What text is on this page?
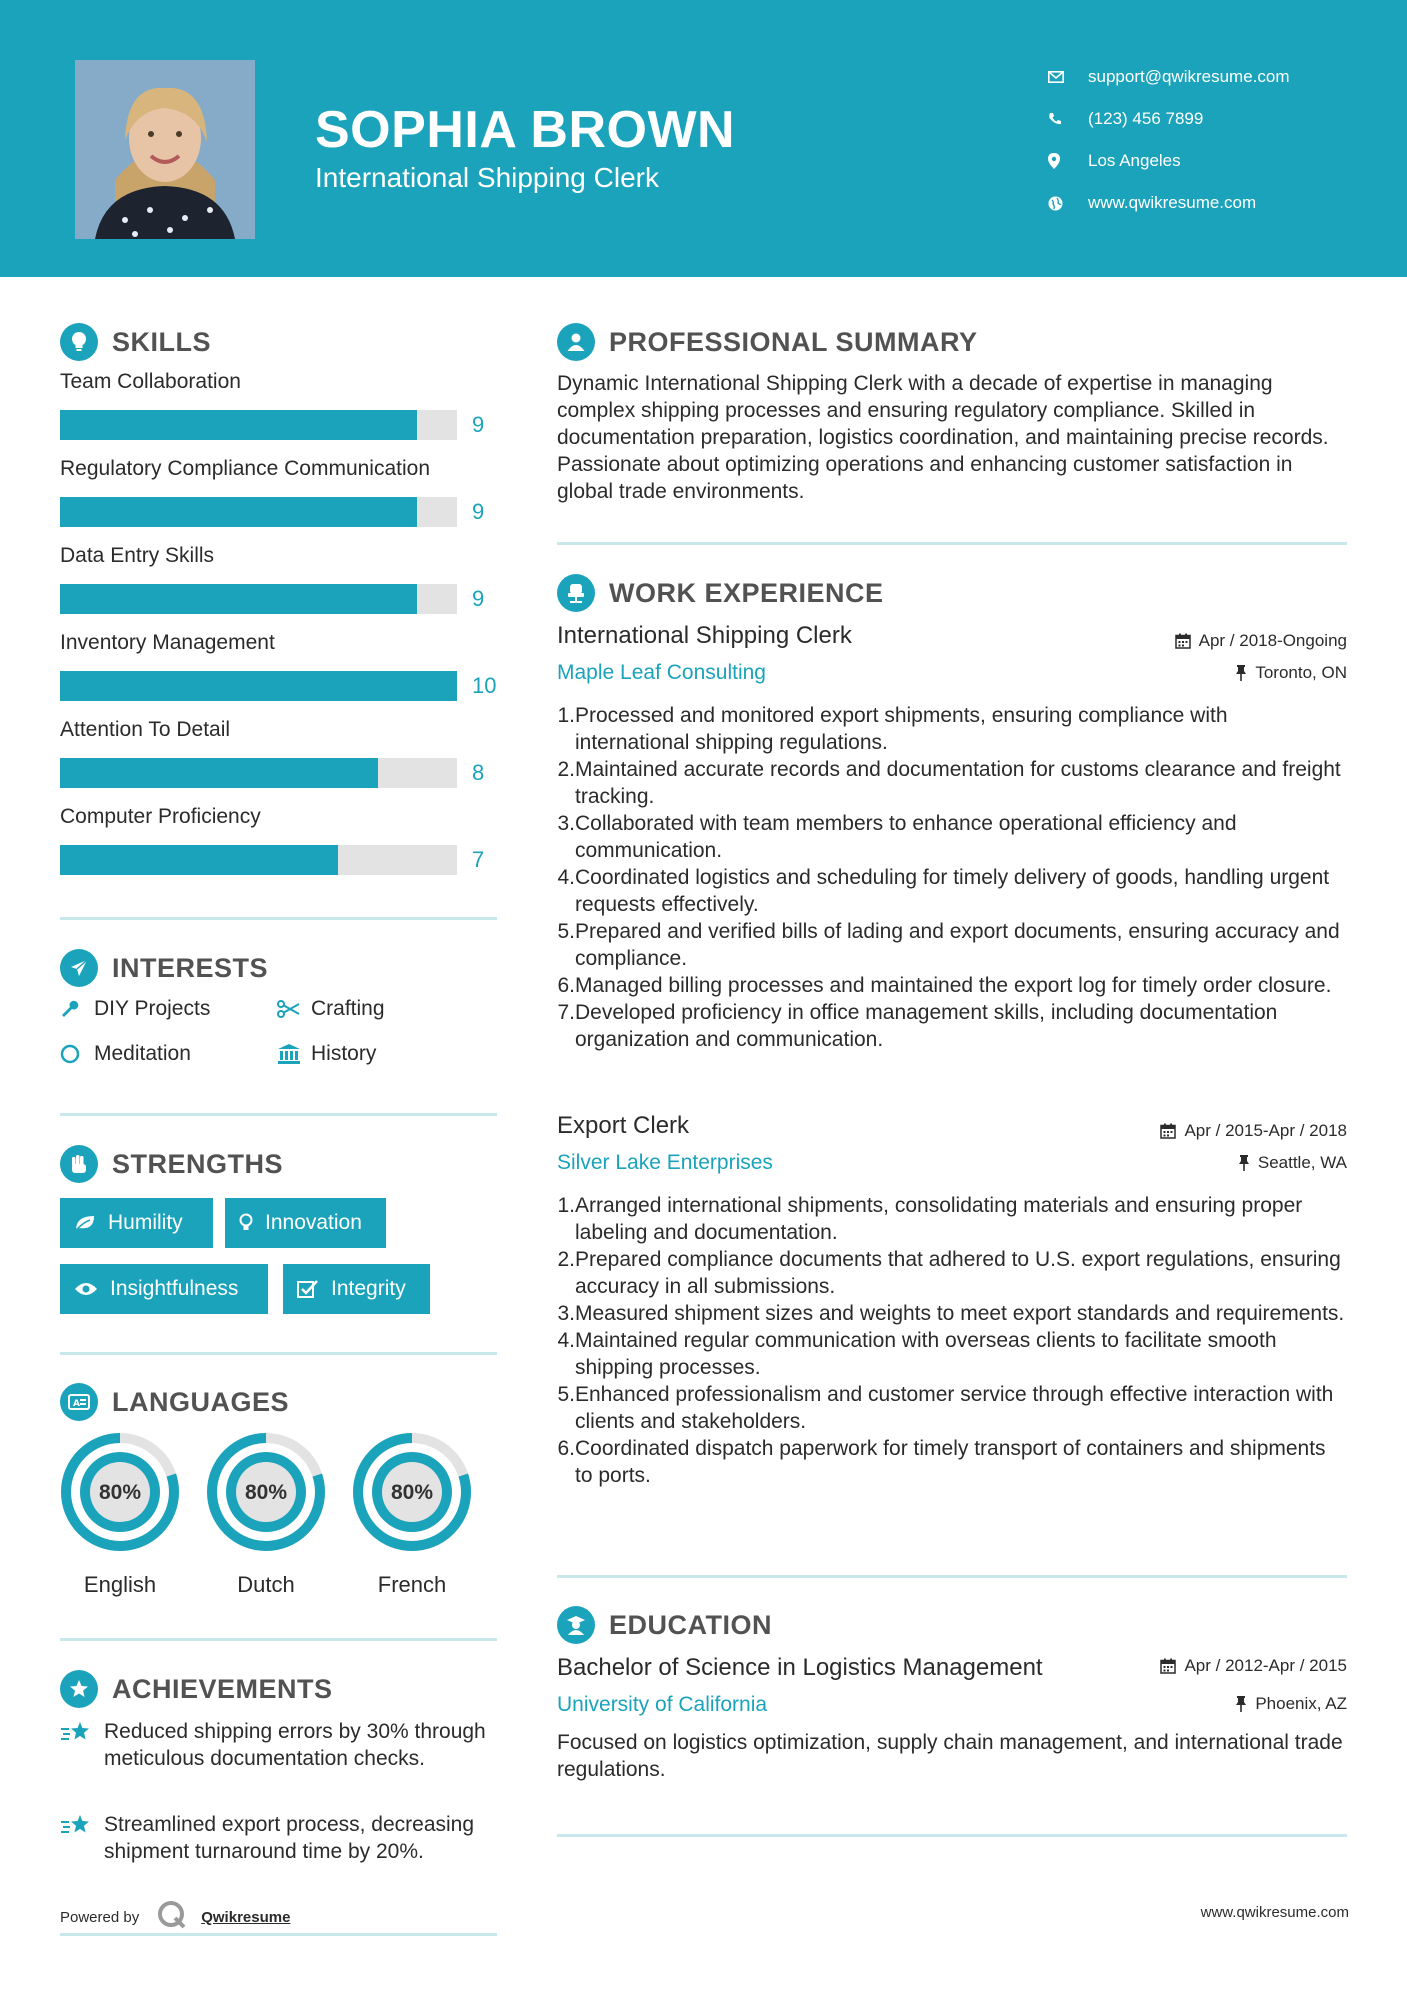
SOPHIA BROWN
International Shipping Clerk
support@qwikresume.com
(123) 456 7899
Los Angeles
www.qwikresume.com
SKILLS
Team Collaboration
9
Regulatory Compliance Communication
9
Data Entry Skills
9
Inventory Management
10
Attention To Detail
8
Computer Proficiency
7
INTERESTS
DIY Projects	Crafting
Meditation	History
STRENGTHS
Humility	Innovation
Insightfulness	Integrity
A LANGUAGES
80%
English
80%
Dutch
80%
French
ACHIEVEMENTS
Reduced shipping errors by 30% through meticulous documentation checks.
Streamlined export process, decreasing shipment turnaround time by 20%.
Powered by	Qwikresume
PROFESSIONAL SUMMARY
Dynamic International Shipping Clerk with a decade of expertise in managing complex shipping processes and ensuring regulatory compliance. Skilled in documentation preparation, logistics coordination, and maintaining precise records. Passionate about optimizing operations and enhancing customer satisfaction in global trade environments.
WORK EXPERIENCE
International Shipping Clerk	Apr / 2018-Ongoing
Maple Leaf Consulting	Toronto, ON
1. Processed and monitored export shipments, ensuring compliance with international shipping regulations.
2. Maintained accurate records and documentation for customs clearance and freight tracking.
3. Collaborated with team members to enhance operational efficiency and communication.
4. Coordinated logistics and scheduling for timely delivery of goods, handling urgent requests effectively.
5. Prepared and verified bills of lading and export documents, ensuring accuracy and compliance.
6. Managed billing processes and maintained the export log for timely order closure.
7. Developed proficiency in office management skills, including documentation organization and communication.
Export Clerk	Apr / 2015-Apr / 2018
Silver Lake Enterprises	Seattle, WA
1. Arranged international shipments, consolidating materials and ensuring proper labeling and documentation.
2. Prepared compliance documents that adhered to U.S. export regulations, ensuring accuracy in all submissions.
3. Measured shipment sizes and weights to meet export standards and requirements.
4. Maintained regular communication with overseas clients to facilitate smooth shipping processes.
5. Enhanced professionalism and customer service through effective interaction with clients and stakeholders.
6. Coordinated dispatch paperwork for timely transport of containers and shipments to ports.
EDUCATION
Bachelor of Science in Logistics Management	Apr / 2012-Apr / 2015
University of California	Phoenix, AZ
Focused on logistics optimization, supply chain management, and international trade regulations.
www.qwikresume.com
